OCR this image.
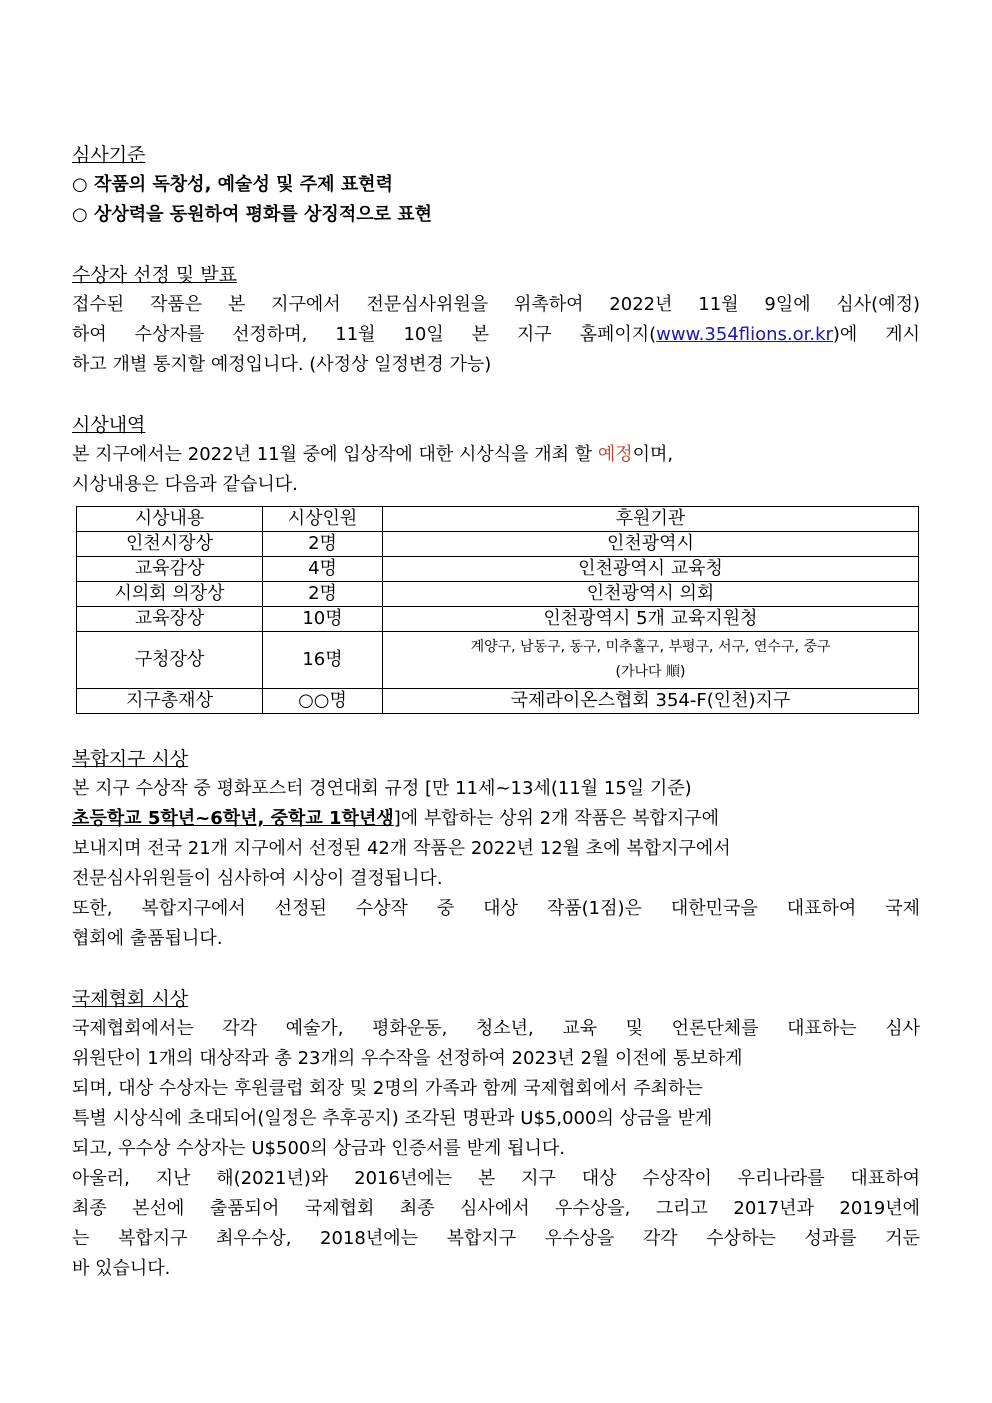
심사기준

○ 작품의 독창성, 예술성 및 주제 표현력

○ 상상력을 동원하여 평화를 상징적으로 표현

수상자 선정 및 발표

접수된 작품은 본 지구에서 전문심사위원을 위촉하여 2022년 11월 9일에 심사(예정)

하여 수상자를 선정하며, 11월 10일 본 지구 홈페이지(www.354flions.or.kr)에 게시

하고 개별 통지할 예정입니다. (사정상 일정변경 가능)

시상내역

본 지구에서는 2022년 11월 중에 입상작에 대한 시상식을 개최 할 예정이며,

시상내용은 다음과 같습니다.

시상내용	시상인원	후원기관
인천시장상	2명	인천광역시
교육감상	4명	인천광역시 교육청
시의회 의장상	2명	인천광역시 의회
교육장상	10명	인천광역시 5개 교육지원청
구청장상	16명	계양구, 남동구, 동구, 미추홀구, 부평구, 서구, 연수구, 중구
(가나다 順)

지구총재상	○○명	국제라이온스협회 354-F(인천)지구

복합지구 시상

본 지구 수상작 중 평화포스터 경연대회 규정 [만 11세~13세(11월 15일 기준)

초등학교 5학년~6학년, 중학교 1학년생]에 부합하는 상위 2개 작품은 복합지구에

보내지며 전국 21개 지구에서 선정된 42개 작품은 2022년 12월 초에 복합지구에서

전문심사위원들이 심사하여 시상이 결정됩니다.

또한, 복합지구에서 선정된 수상작 중 대상 작품(1점)은 대한민국을 대표하여 국제

협회에 출품됩니다.

국제협회 시상

국제협회에서는 각각 예술가, 평화운동, 청소년, 교육 및 언론단체를 대표하는 심사

위원단이 1개의 대상작과 총 23개의 우수작을 선정하여 2023년 2월 이전에 통보하게

되며, 대상 수상자는 후원클럽 회장 및 2명의 가족과 함께 국제협회에서 주최하는

특별 시상식에 초대되어(일정은 추후공지) 조각된 명판과 U$5,000의 상금을 받게

되고, 우수상 수상자는 U$500의 상금과 인증서를 받게 됩니다.

아울러, 지난 해(2021년)와 2016년에는 본 지구 대상 수상작이 우리나라를 대표하여

최종 본선에 출품되어 국제협회 최종 심사에서 우수상을, 그리고 2017년과 2019년에

는 복합지구 최우수상, 2018년에는 복합지구 우수상을 각각 수상하는 성과를 거둔

바 있습니다.
